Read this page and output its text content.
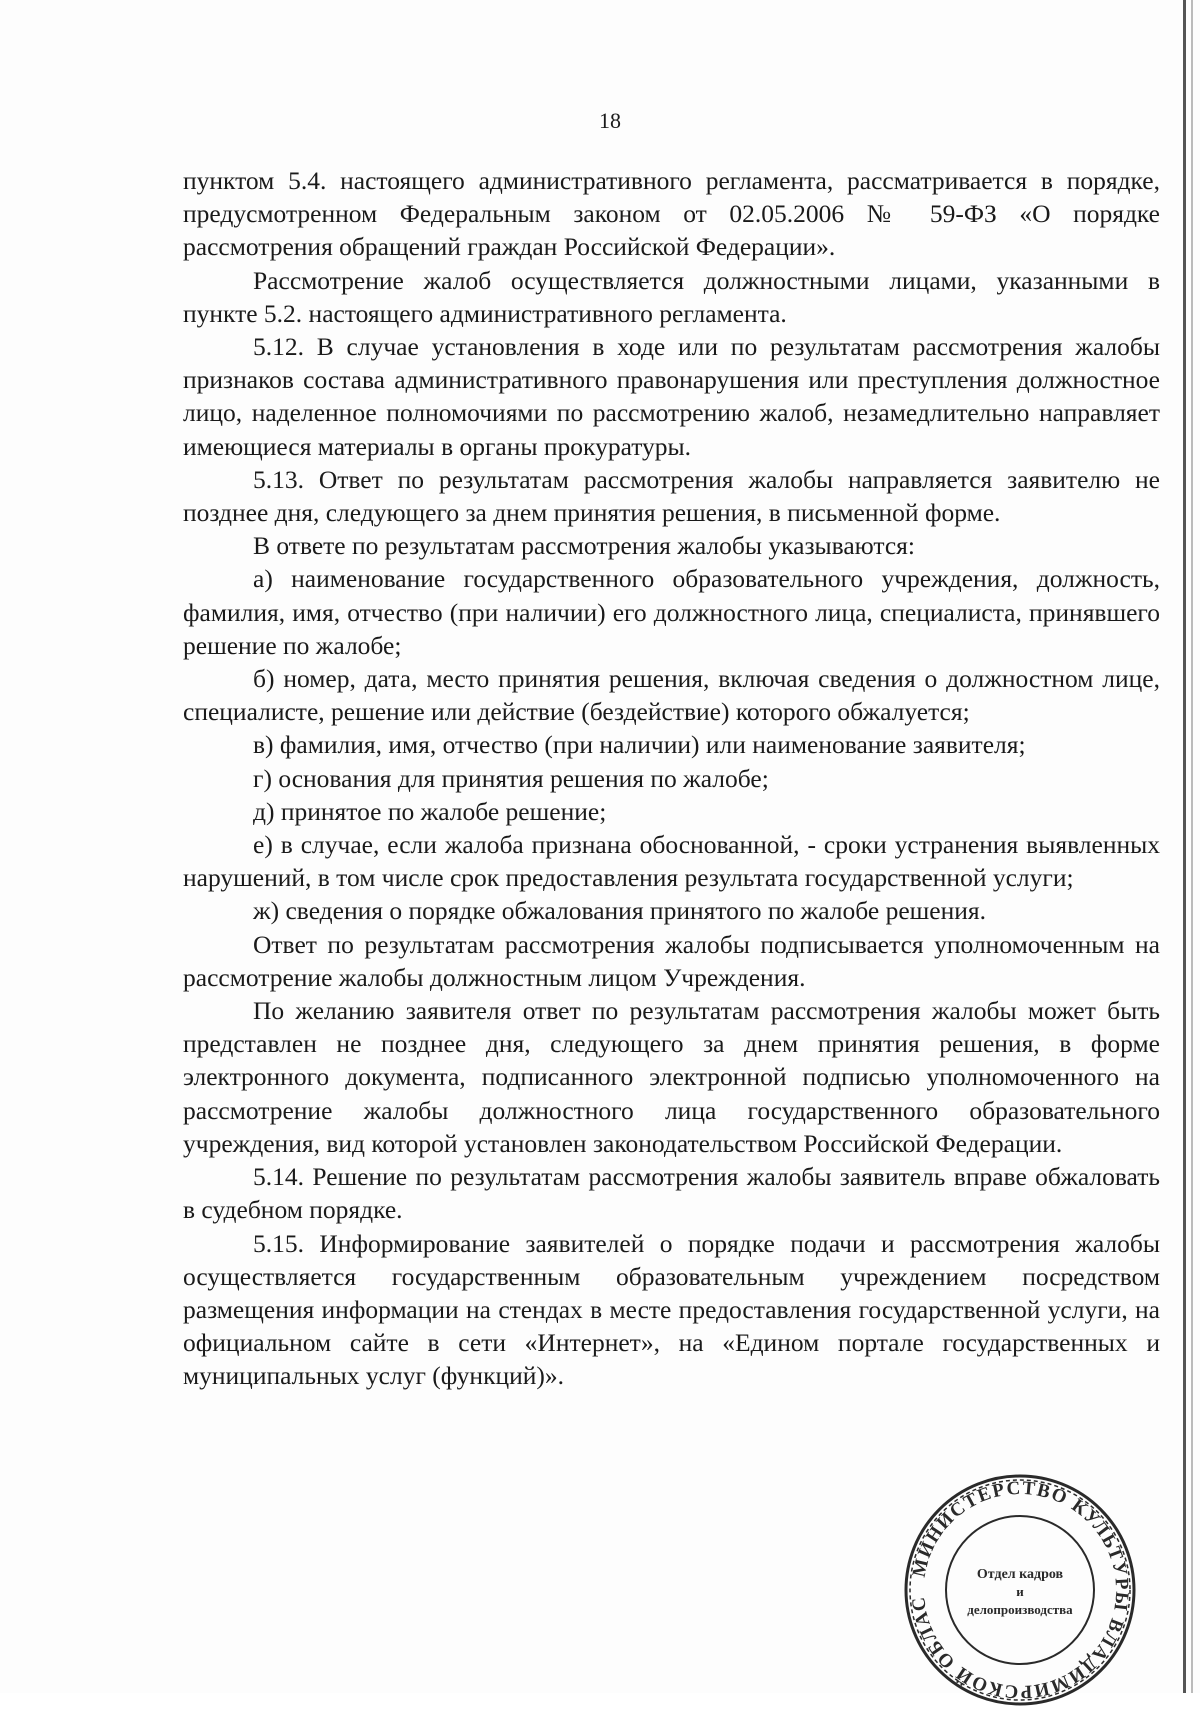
18

пунктом 5.4. настоящего административного регламента, рассматривается в порядке, предусмотренном Федеральным законом от 02.05.2006 № 59-ФЗ «О порядке рассмотрения обращений граждан Российской Федерации».

Рассмотрение жалоб осуществляется должностными лицами, указанными в пункте 5.2. настоящего административного регламента.

5.12. В случае установления в ходе или по результатам рассмотрения жалобы признаков состава административного правонарушения или преступления должностное лицо, наделенное полномочиями по рассмотрению жалоб, незамедлительно направляет имеющиеся материалы в органы прокуратуры.

5.13. Ответ по результатам рассмотрения жалобы направляется заявителю не позднее дня, следующего за днем принятия решения, в письменной форме.

В ответе по результатам рассмотрения жалобы указываются:

а) наименование государственного образовательного учреждения, должность, фамилия, имя, отчество (при наличии) его должностного лица, специалиста, принявшего решение по жалобе;

б) номер, дата, место принятия решения, включая сведения о должностном лице, специалисте, решение или действие (бездействие) которого обжалуется;

в) фамилия, имя, отчество (при наличии) или наименование заявителя;

г) основания для принятия решения по жалобе;

д) принятое по жалобе решение;

е) в случае, если жалоба признана обоснованной, - сроки устранения выявленных нарушений, в том числе срок предоставления результата государственной услуги;

ж) сведения о порядке обжалования принятого по жалобе решения.

Ответ по результатам рассмотрения жалобы подписывается уполномоченным на рассмотрение жалобы должностным лицом Учреждения.

По желанию заявителя ответ по результатам рассмотрения жалобы может быть представлен не позднее дня, следующего за днем принятия решения, в форме электронного документа, подписанного электронной подписью уполномоченного на рассмотрение жалобы должностного лица государственного образовательного учреждения, вид которой установлен законодательством Российской Федерации.

5.14. Решение по результатам рассмотрения жалобы заявитель вправе обжаловать в судебном порядке.

5.15. Информирование заявителей о порядке подачи и рассмотрения жалобы осуществляется государственным образовательным учреждением посредством размещения информации на стендах в месте предоставления государственной услуги, на официальном сайте в сети «Интернет», на «Едином портале государственных и муниципальных услуг (функций)».

МИНИСТЕРСТВО КУЛЬТУРЫ ВЛАДИМИРСКОЙ ОБЛАС
Отдел кадров
и
делопроизводства
